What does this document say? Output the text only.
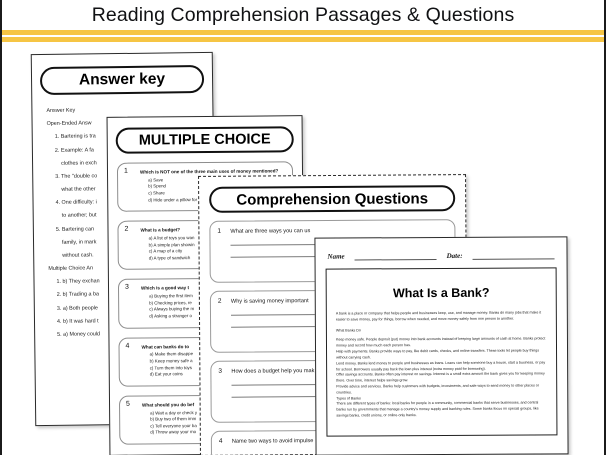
Reading Comprehension Passages & Questions
Answer key
Answer Key
Open-Ended Answ
1. Bartering is tra
2. Example: A fa
clothes in exch
3. The "double co
what the other
4. One difficulty: i
to another; but
5. Bartering can
family, in mark
without cash.
Multiple Choice An
1. b) They exchan
2. b) Trading a ba
3. a) Both people
4. b) It was hard t
5. a) Money could
MULTIPLE CHOICE
1	Which is NOT one of the three main uses of money mentioned?
a) Save
b) Spend
c) Share
d) Hide under a pillow for
2	What is a budget?
a) A list of toys you wan
b) A simple plan showin
c) A map of a city
d) A type of sandwich
3	Which is a good way t
a) Buying the first item
b) Checking prices, re
c) Always buying the m
d) Asking a stranger o
4	What can banks do to
a) Make them disappe
b) Keep money safe a
c) Turn them into toys
d) Eat your coins
5	What should you do bef
a) Wait a day or check y
b) Buy two of them imm
c) Tell everyone your ba
d) Throw away your mo
Comprehension Questions
1 What are three ways you can us
2 Why is saving money important
3 How does a budget help you mak
4 Name two ways to avoid impulse
Name	Date:
What Is a Bank?
A bank is a place or company that helps people and businesses keep, use, and manage money. Banks do many jobs that make it easier to save money, pay for things, borrow when needed, and move money safely from one person to another.
What Banks Do
Keep money safe. People deposit (put) money into bank accounts instead of keeping large amounts of cash at home. Banks protect money and record how much each person has.
Help with payments. Banks provide ways to pay, like debit cards, checks, and online transfers. These tools let people buy things without carrying cash.
Lend money. Banks lend money to people and businesses as loans. Loans can help someone buy a house, start a business, or pay for school. Borrowers usually pay back the loan plus interest (extra money paid for borrowing).
Offer savings accounts. Banks often pay interest on savings. Interest is a small extra amount the bank gives you for keeping money there. Over time, interest helps savings grow.
Provide advice and services. Banks help customers with budgets, investments, and safe ways to send money to other places or countries.
Types of Banks
There are different types of banks: local banks for people in a community, commercial banks that serve businesses, and central banks run by governments that manage a country's money supply and banking rules. Some banks focus on special groups, like savings banks, credit unions, or online-only banks.
